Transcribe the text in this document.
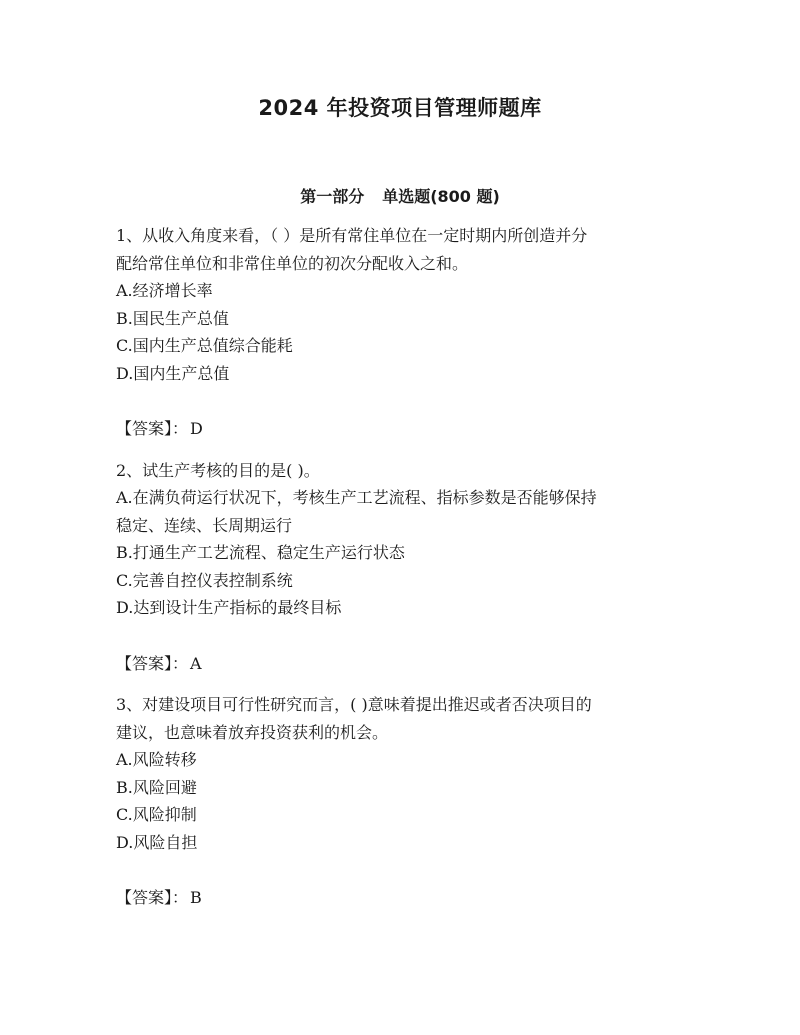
2024 年投资项目管理师题库
第一部分 单选题(800 题)
1、从收入角度来看，（ ）是所有常住单位在一定时期内所创造并分
配给常住单位和非常住单位的初次分配收入之和。
A.经济增长率
B.国民生产总值
C.国内生产总值综合能耗
D.国内生产总值
【答案】： D
2、试生产考核的目的是( )。
A.在满负荷运行状况下，考核生产工艺流程、指标参数是否能够保持
稳定、连续、长周期运行
B.打通生产工艺流程、稳定生产运行状态
C.完善自控仪表控制系统
D.达到设计生产指标的最终目标
【答案】： A
3、对建设项目可行性研究而言，( )意味着提出推迟或者否决项目的
建议，也意味着放弃投资获利的机会。
A.风险转移
B.风险回避
C.风险抑制
D.风险自担
【答案】： B
